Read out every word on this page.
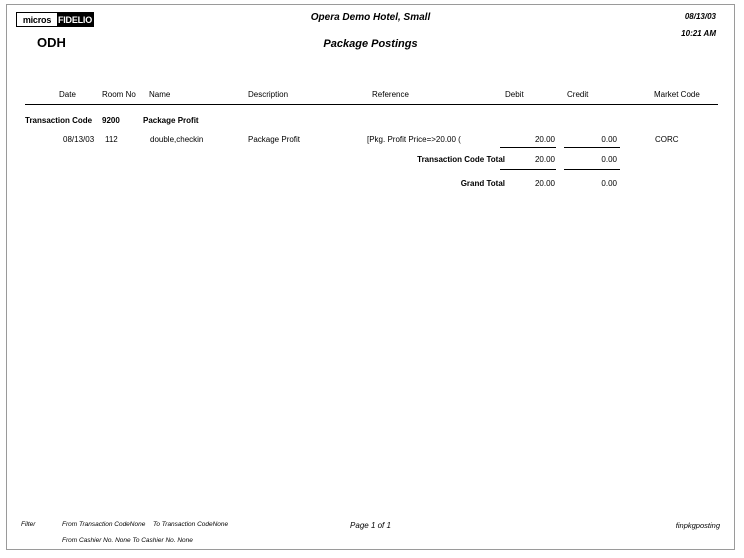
micros FIDELIO
ODH
Opera Demo Hotel, Small
Package Postings
08/13/03
10:21 AM
Date	Room No Name	Description	Reference	Debit	Credit	Market Code
Transaction Code 9200	Package Profit
08/13/03 112	double,checkin	Package Profit	[Pkg. Profit Price=>20.00 (	20.00	0.00	CORC
Transaction Code Total	20.00	0.00
Grand Total	20.00	0.00
Filter	From Transaction CodeNone To Transaction CodeNone
From Cashier No. None To Cashier No. None
Page 1 of 1	finpkgposting
